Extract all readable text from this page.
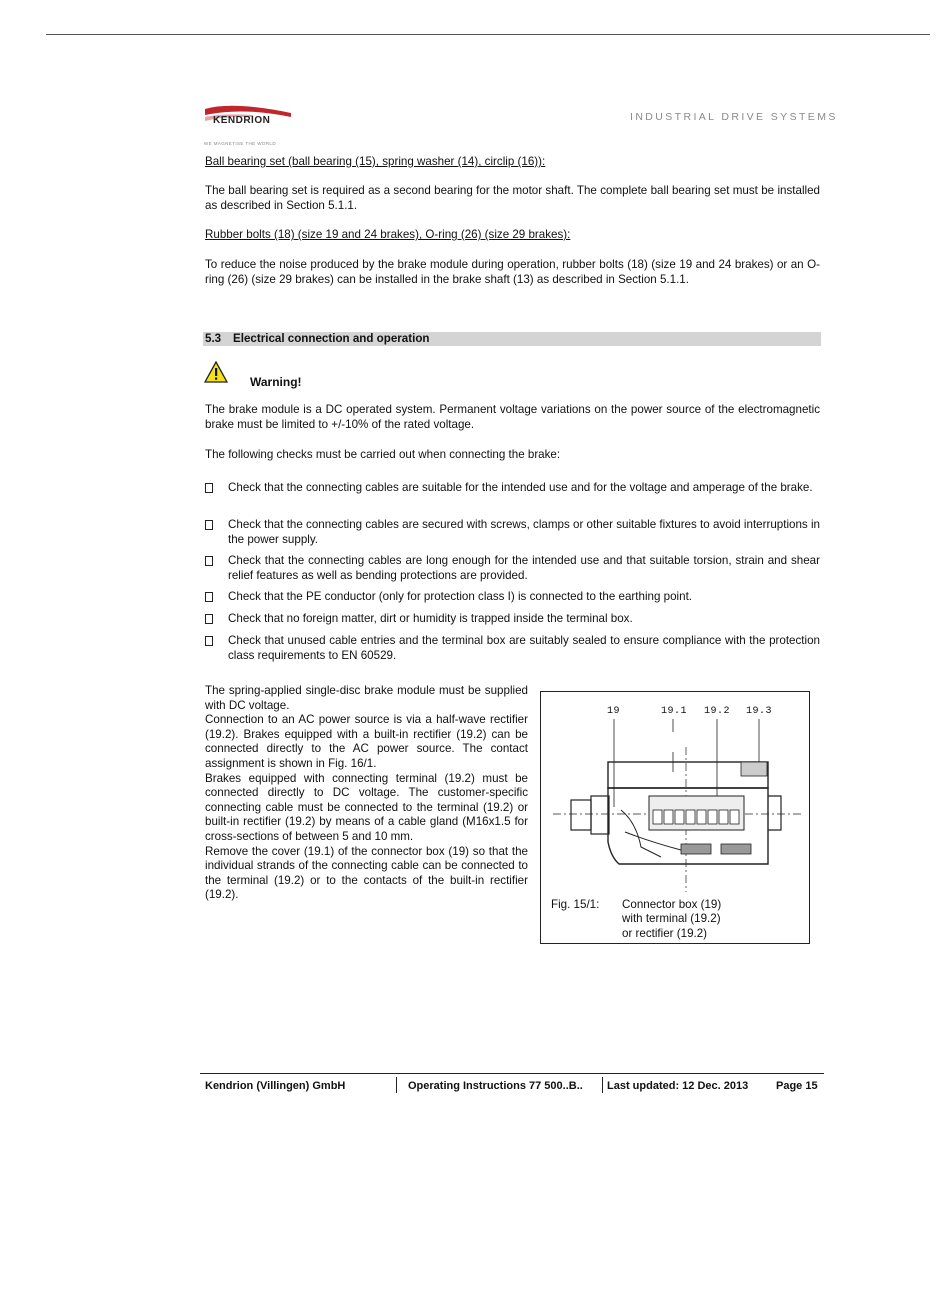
KENDRION
WE MAGNETISE THE WORLD
INDUSTRIAL DRIVE SYSTEMS
Ball bearing set (ball bearing (15), spring washer (14), circlip (16)):
The ball bearing set is required as a second bearing for the motor shaft. The complete ball bearing set must be installed as described in Section 5.1.1.
Rubber bolts (18) (size 19 and 24 brakes), O-ring (26) (size 29 brakes):
To reduce the noise produced by the brake module during operation, rubber bolts (18) (size 19 and 24 brakes) or an O-ring (26) (size 29 brakes) can be installed in the brake shaft (13) as described in Section 5.1.1.
5.3 Electrical connection and operation
Warning!
The brake module is a DC operated system. Permanent voltage variations on the power source of the electromagnetic brake must be limited to +/-10% of the rated voltage.
The following checks must be carried out when connecting the brake:
Check that the connecting cables are suitable for the intended use and for the voltage and amperage of the brake.
Check that the connecting cables are secured with screws, clamps or other suitable fixtures to avoid interruptions in the power supply.
Check that the connecting cables are long enough for the intended use and that suitable torsion, strain and shear relief features as well as bending protections are provided.
Check that the PE conductor (only for protection class I) is connected to the earthing point.
Check that no foreign matter, dirt or humidity is trapped inside the terminal box.
Check that unused cable entries and the terminal box are suitably sealed to ensure compliance with the protection class requirements to EN 60529.

The spring-applied single-disc brake module must be supplied with DC voltage.

Connection to an AC power source is via a half-wave rectifier (19.2). Brakes equipped with a built-in rectifier (19.2) can be connected directly to the AC power source. The contact assignment is shown in Fig. 16/1.

Brakes equipped with connecting terminal (19.2) must be connected directly to DC voltage. The customer-specific connecting cable must be connected to the terminal (19.2) or built-in rectifier (19.2) by means of a cable gland (M16x1.5 for cross-sections of between 5 and 10 mm.

Remove the cover (19.1) of the connector box (19) so that the individual strands of the connecting cable can be connected to the terminal (19.2) or to the contacts of the built-in rectifier (19.2).

19	19.1 19.2 19.3
Fig. 15/1: Connector box (19)
with terminal (19.2)
or rectifier (19.2)
Kendrion (Villingen) GmbH	Operating Instructions 77 500..B.. Last updated: 12 Dec. 2013	Page 15
